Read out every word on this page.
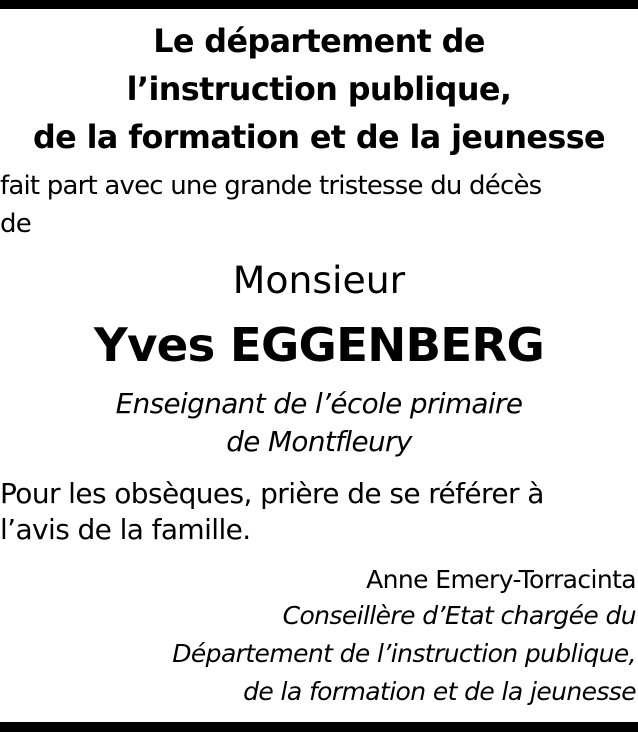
Le département de
l’instruction publique,
de la formation et de la jeunesse
fait part avec une grande tristesse du décès
de
Monsieur
Yves EGGENBERG
Enseignant de l’école primaire
de Montfleury
Pour les obsèques, prière de se référer à
l’avis de la famille.
Anne Emery-Torracinta
Conseillère d’Etat chargée du
Département de l’instruction publique,
de la formation et de la jeunesse
